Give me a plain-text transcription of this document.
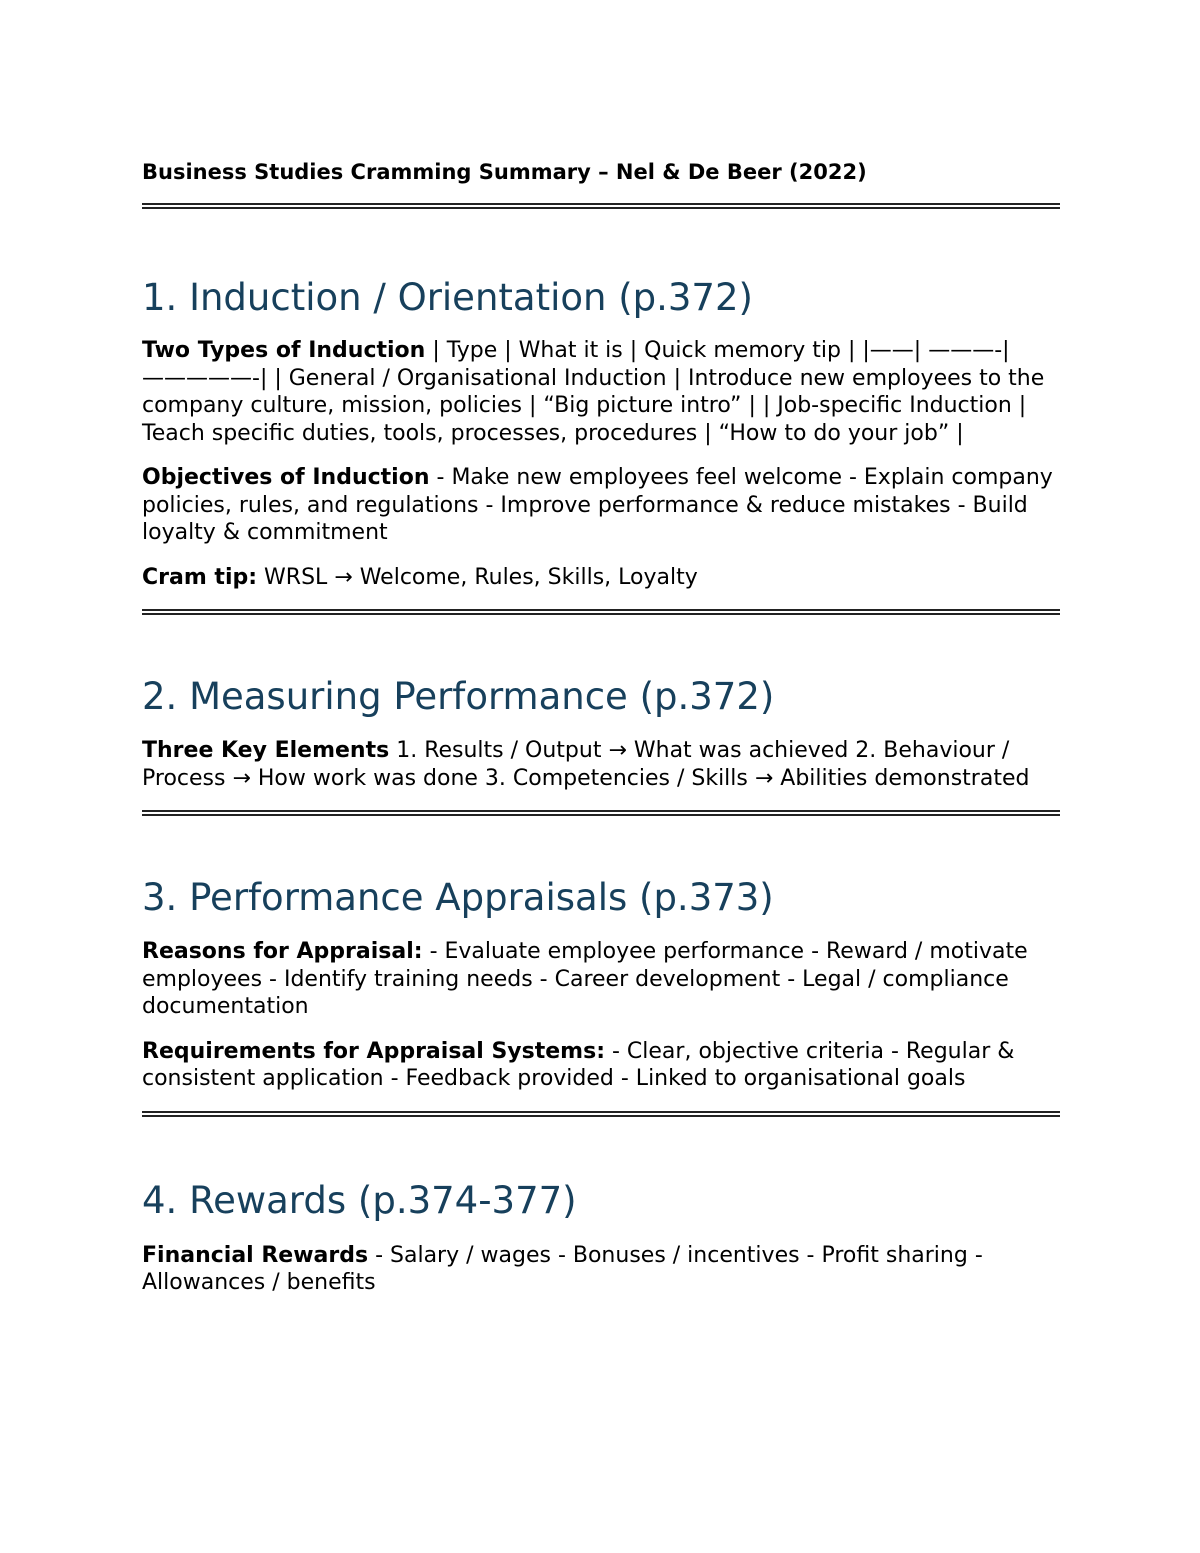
Business Studies Cramming Summary – Nel & De Beer (2022)

1. Induction / Orientation (p.372)

Two Types of Induction | Type | What it is | Quick memory tip | |——| ———-|—————-| | General / Organisational Induction | Introduce new employees to the company culture, mission, policies | “Big picture intro” | | Job-specific Induction | Teach specific duties, tools, processes, procedures | “How to do your job” |

Objectives of Induction - Make new employees feel welcome - Explain company policies, rules, and regulations - Improve performance & reduce mistakes - Build loyalty & commitment

Cram tip: WRSL → Welcome, Rules, Skills, Loyalty

2. Measuring Performance (p.372)

Three Key Elements 1. Results / Output → What was achieved 2. Behaviour / Process → How work was done 3. Competencies / Skills → Abilities demonstrated

3. Performance Appraisals (p.373)

Reasons for Appraisal: - Evaluate employee performance - Reward / motivate employees - Identify training needs - Career development - Legal / compliance documentation

Requirements for Appraisal Systems: - Clear, objective criteria - Regular & consistent application - Feedback provided - Linked to organisational goals

4. Rewards (p.374-377)

Financial Rewards - Salary / wages - Bonuses / incentives - Profit sharing - Allowances / benefits
